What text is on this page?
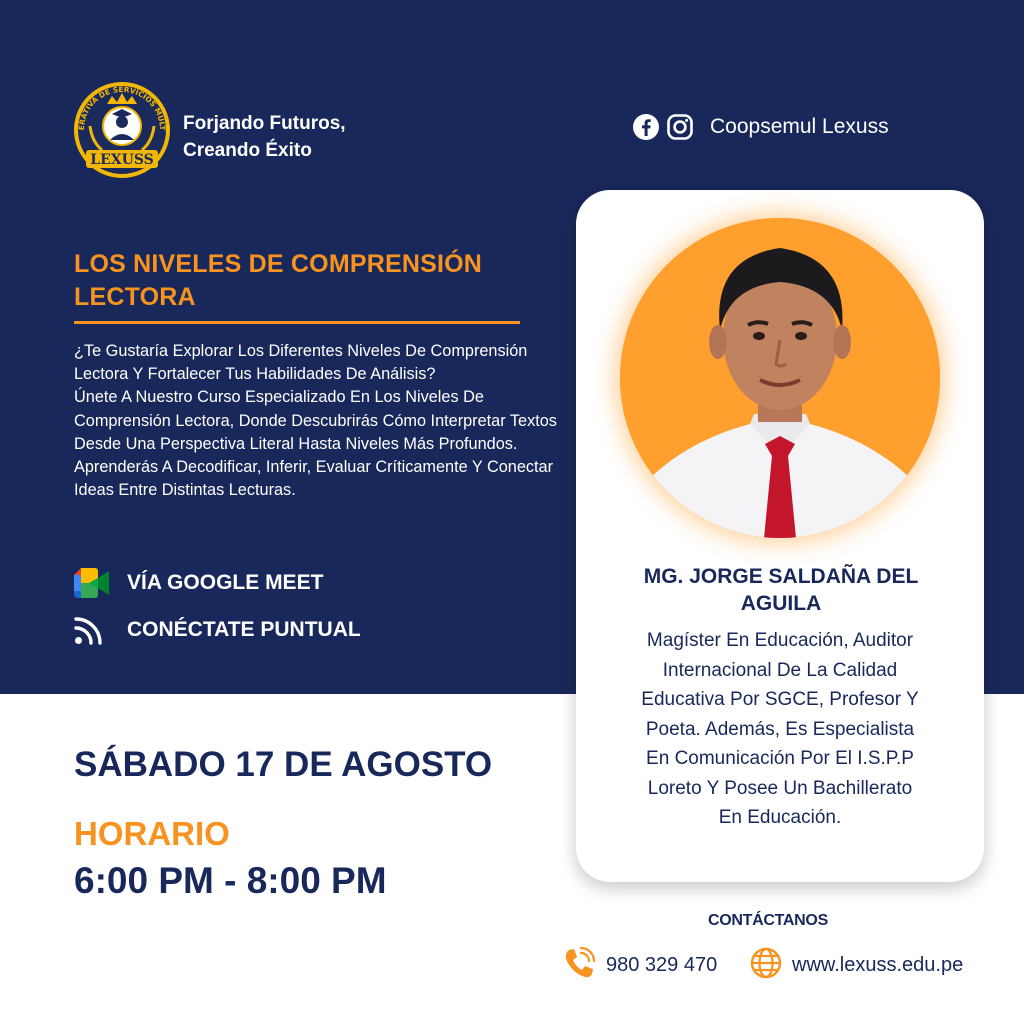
ERATIVA DE SERVICIOS MULT
LEXUSS
Forjando Futuros,
Creando Éxito
Coopsemul Lexuss
LOS NIVELES DE COMPRENSIÓN
LECTORA

¿Te Gustaría Explorar Los Diferentes Niveles De Comprensión Lectora Y Fortalecer Tus Habilidades De Análisis?

Únete A Nuestro Curso Especializado En Los Niveles De Comprensión Lectora, Donde Descubrirás Cómo Interpretar Textos Desde Una Perspectiva Literal Hasta Niveles Más Profundos. Aprenderás A Decodificar, Inferir, Evaluar Críticamente Y Conectar Ideas Entre Distintas Lecturas.

VÍA GOOGLE MEET
CONÉCTATE PUNTUAL
SÁBADO 17 DE AGOSTO
HORARIO
6:00 PM - 8:00 PM
MG. JORGE SALDAÑA DEL
AGUILA
Magíster En Educación, Auditor
Internacional De La Calidad
Educativa Por SGCE, Profesor Y
Poeta. Además, Es Especialista
En Comunicación Por El I.S.P.P
Loreto Y Posee Un Bachillerato
En Educación.
CONTÁCTANOS
980 329 470	www.lexuss.edu.pe
